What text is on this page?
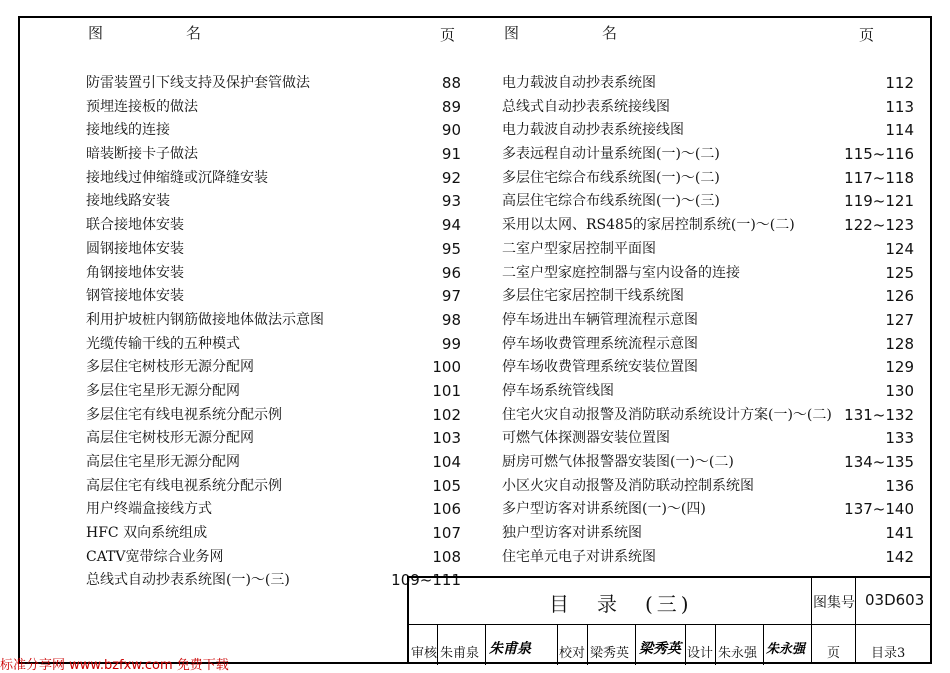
图	名	页
防雷装置引下线支持及保护套管做法	88
预埋连接板的做法	89
接地线的连接	90
暗装断接卡子做法	91
接地线过伸缩缝或沉降缝安装	92
接地线路安装	93
联合接地体安装	94
圆钢接地体安装	95
角钢接地体安装	96
钢管接地体安装	97
利用护坡桩内钢筋做接地体做法示意图	98
光缆传输干线的五种模式	99
多层住宅树枝形无源分配网	100
多层住宅星形无源分配网	101
多层住宅有线电视系统分配示例	102
高层住宅树枝形无源分配网	103
高层住宅星形无源分配网	104
高层住宅有线电视系统分配示例	105
用户终端盒接线方式	106
HFC 双向系统组成	107
CATV宽带综合业务网	108
总线式自动抄表系统图(一)～(三)	109~111
图	名	页
电力载波自动抄表系统图	112
总线式自动抄表系统接线图	113
电力载波自动抄表系统接线图	114
多表远程自动计量系统图(一)～(二)	115~116
多层住宅综合布线系统图(一)～(二)	117~118
高层住宅综合布线系统图(一)～(三)	119~121
采用以太网、RS485的家居控制系统(一)～(二)	122~123
二室户型家居控制平面图	124
二室户型家庭控制器与室内设备的连接	125
多层住宅家居控制干线系统图	126
停车场进出车辆管理流程示意图	127
停车场收费管理系统流程示意图	128
停车场收费管理系统安装位置图	129
停车场系统管线图	130
住宅火灾自动报警及消防联动系统设计方案(一)～(二) 131~132
可燃气体探测器安装位置图	133
厨房可燃气体报警器安装图(一)～(二)	134~135
小区火灾自动报警及消防联动控制系统图	136
多户型访客对讲系统图(一)～(四)	137~140
独户型访客对讲系统图	141
住宅单元电子对讲系统图	142
目　录　(三)	图集号 03D603
审核 朱甫泉 朱甫泉 校对 梁秀英 梁秀英 设计 朱永强 朱永强 页 目录3
标准分享网 www.bzfxw.com 免费下载
